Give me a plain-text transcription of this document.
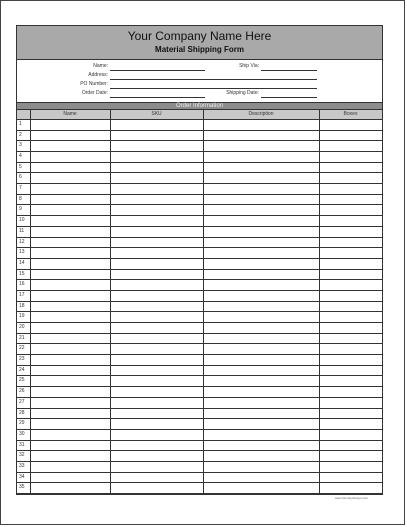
Your Company Name Here
Material Shipping Form
Name:	Ship Via:
Address:
PO Number:
Order Date:	Shipping Date:
Order Information
Name	SKU	Description	Boxes
1
2
3
4
5
6
7
8
9
10
11
12
13
14
15
16
17
18
19
20
21
22
23
24
25
26
27
28
29
30
31
32
33
34
35
www.formsbydesign.com
